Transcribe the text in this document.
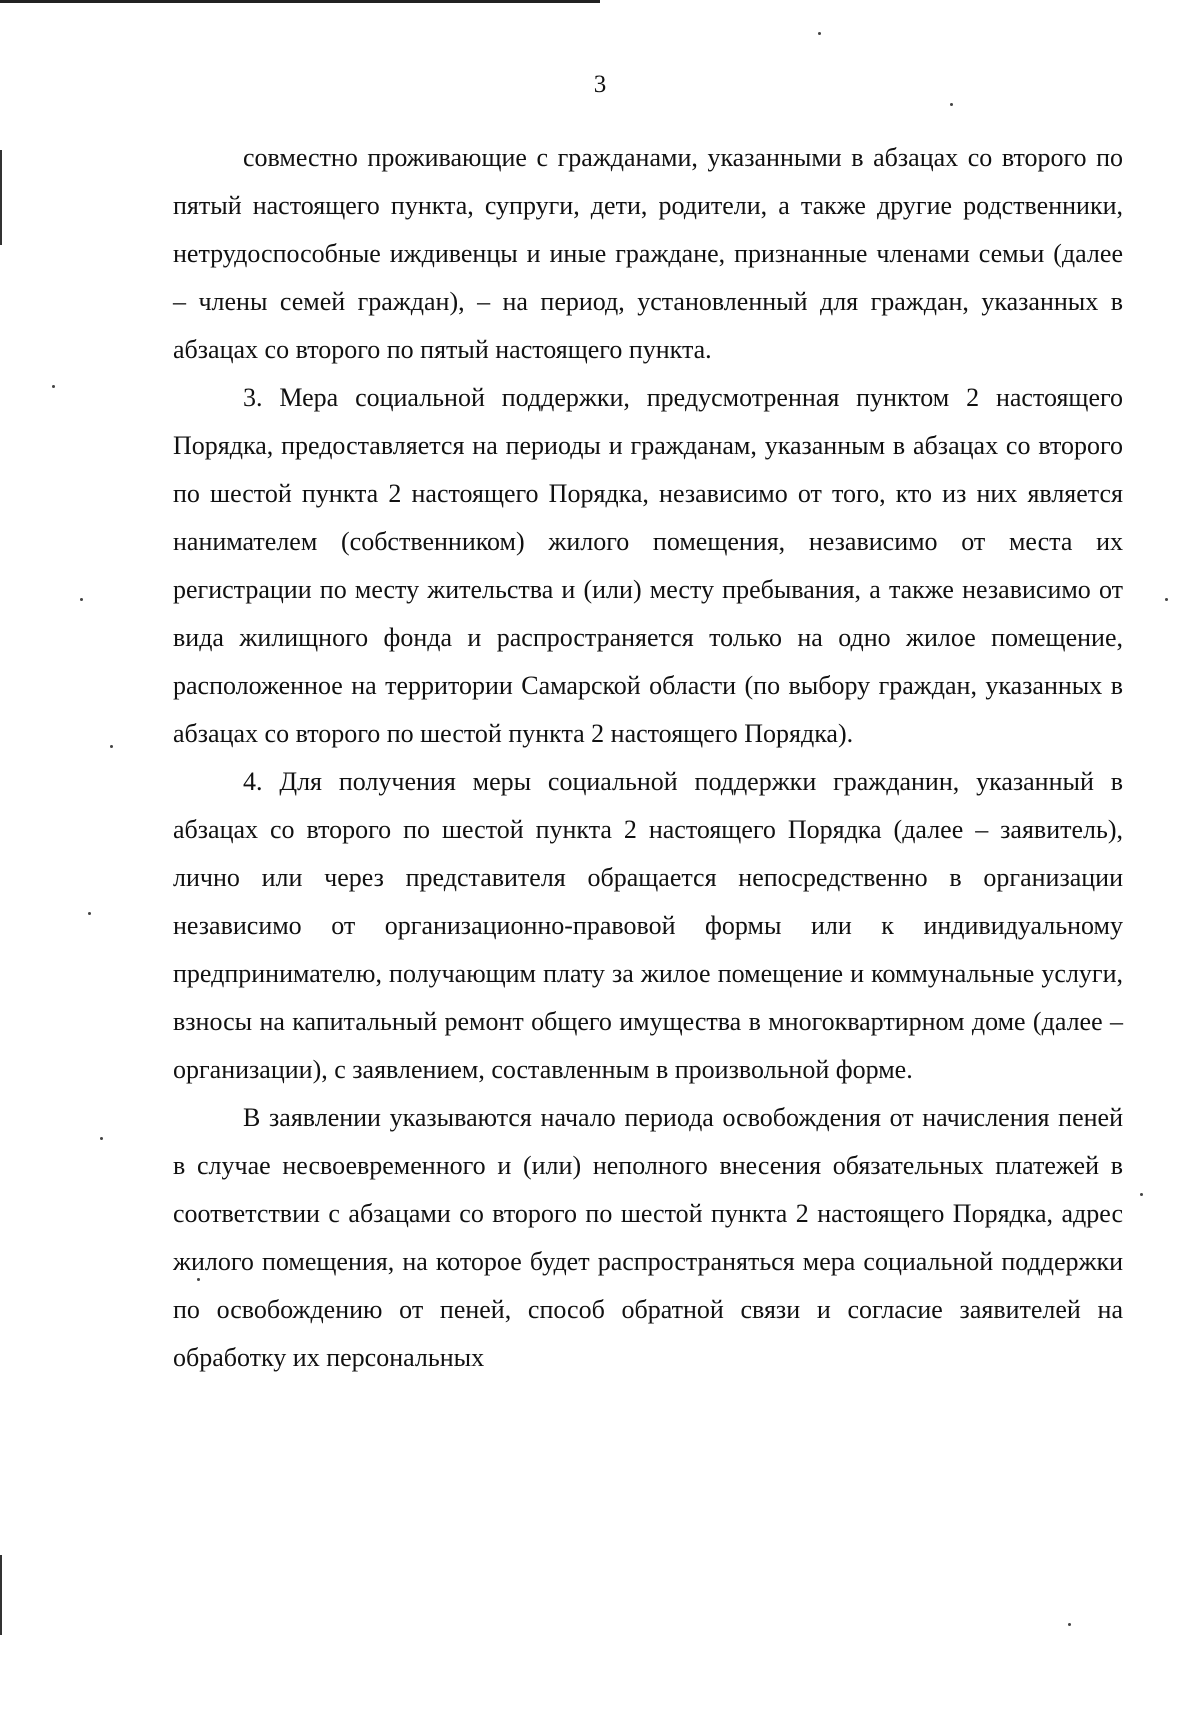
3

совместно проживающие с гражданами, указанными в абзацах со второго по пятый настоящего пункта, супруги, дети, родители, а также другие родственники, нетрудоспособные иждивенцы и иные граждане, признанные членами семьи (далее – члены семей граждан), – на период, установленный для граждан, указанных в абзацах со второго по пятый настоящего пункта.

3. Мера социальной поддержки, предусмотренная пунктом 2 настоящего Порядка, предоставляется на периоды и гражданам, указанным в абзацах со второго по шестой пункта 2 настоящего Порядка, независимо от того, кто из них является нанимателем (собственником) жилого помещения, независимо от места их регистрации по месту жительства и (или) месту пребывания, а также независимо от вида жилищного фонда и распространяется только на одно жилое помещение, расположенное на территории Самарской области (по выбору граждан, указанных в абзацах со второго по шестой пункта 2 настоящего Порядка).

4. Для получения меры социальной поддержки гражданин, указанный в абзацах со второго по шестой пункта 2 настоящего Порядка (далее – заявитель), лично или через представителя обращается непосредственно в организации независимо от организационно-правовой формы или к индивидуальному предпринимателю, получающим плату за жилое помещение и коммунальные услуги, взносы на капитальный ремонт общего имущества в многоквартирном доме (далее – организации), с заявлением, составленным в произвольной форме.

В заявлении указываются начало периода освобождения от начисления пеней в случае несвоевременного и (или) неполного внесения обязательных платежей в соответствии с абзацами со второго по шестой пункта 2 настоящего Порядка, адрес жилого помещения, на которое будет распространяться мера социальной поддержки по освобождению от пеней, способ обратной связи и согласие заявителей на обработку их персональных
